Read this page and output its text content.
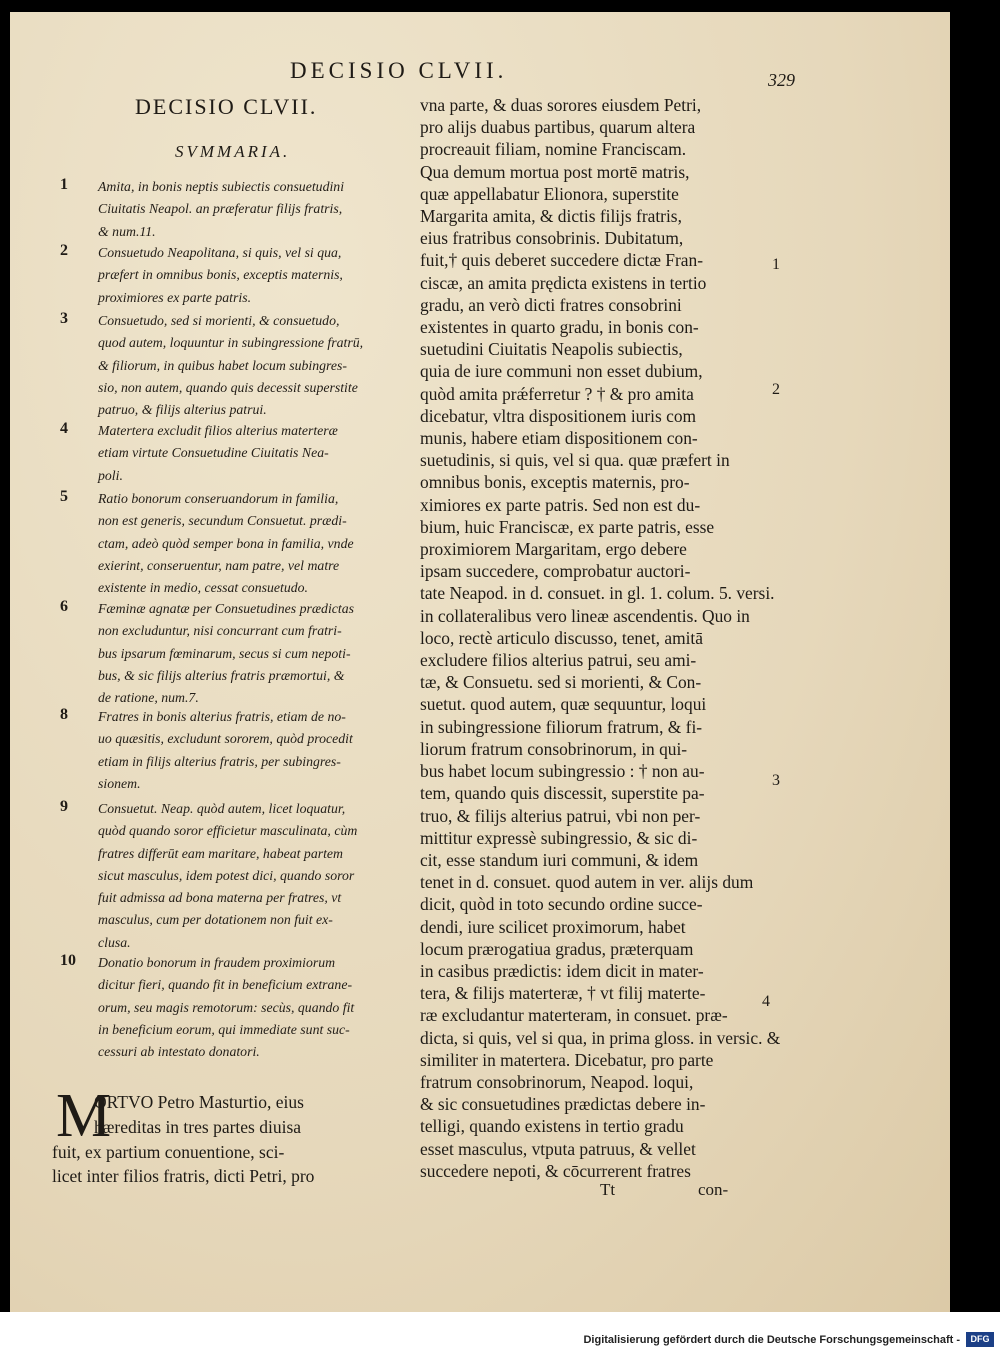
DECISIO CLVII.	329
DECISIO CLVII.
SVMMARIA.
1 Amita, in bonis neptis subiectis consuetudini
Ciuitatis Neapol. an præferatur filijs fratris,
& num.11.
2 Consuetudo Neapolitana, si quis, vel si qua,
præfert in omnibus bonis, exceptis maternis,
proximiores ex parte patris.
3 Consuetudo, sed si morienti, & consuetudo,
quod autem, loquuntur in subingressione fratrū,
& filiorum, in quibus habet locum subingres-
sio, non autem, quando quis decessit superstite
patruo, & filijs alterius patrui.
4 Matertera excludit filios alterius materteræ
etiam virtute Consuetudine Ciuitatis Nea-
poli.
5 Ratio bonorum conseruandorum in familia,
non est generis, secundum Consuetut. prædi-
ctam, adeò quòd semper bona in familia, vnde
exierint, conseruentur, nam patre, vel matre
existente in medio, cessat consuetudo.
6 Fæminæ agnatæ per Consuetudines prædictas
non excluduntur, nisi concurrant cum fratri-
bus ipsarum fœminarum, secus si cum nepoti-
bus, & sic filijs alterius fratris præmortui, &
de ratione, num.7.
8 Fratres in bonis alterius fratris, etiam de no-
uo quæsitis, excludunt sororem, quòd procedit
etiam in filijs alterius fratris, per subingres-
sionem.
9 Consuetut. Neap. quòd autem, licet loquatur,
quòd quando soror efficietur masculinata, cùm
fratres differūt eam maritare, habeat partem
sicut masculus, idem potest dici, quando soror
fuit admissa ad bona materna per fratres, vt
masculus, cum per dotationem non fuit ex-
clusa.
10 Donatio bonorum in fraudem proximiorum
dicitur fieri, quando fit in beneficium extrane-
orum, seu magis remotorum: secùs, quando fit
in beneficium eorum, qui immediate sunt suc-
cessuri ab intestato donatori.
M
ORTVO Petro Masturtio, eius
hæreditas in tres partes diuisa
fuit, ex partium conuentione, sci-
licet inter filios fratris, dicti Petri, pro
vna parte, & duas sorores eiusdem Petri,
pro alijs duabus partibus, quarum altera
procreauit filiam, nomine Franciscam.
Qua demum mortua post mortē matris,
quæ appellabatur Elionora, superstite
Margarita amita, & dictis filijs fratris,
eius fratribus consobrinis. Dubitatum,
fuit,† quis deberet succedere dictæ Fran-
ciscæ, an amita prędicta existens in tertio
gradu, an verò dicti fratres consobrini
existentes in quarto gradu, in bonis con-
suetudini Ciuitatis Neapolis subiectis,
quia de iure communi non esset dubium,
quòd amita prǽferretur ? † & pro amita
dicebatur, vltra dispositionem iuris com
munis, habere etiam dispositionem con-
suetudinis, si quis, vel si qua. quæ præfert in
omnibus bonis, exceptis maternis, pro-
ximiores ex parte patris. Sed non est du-
bium, huic Franciscæ, ex parte patris, esse
proximiorem Margaritam, ergo debere
ipsam succedere, comprobatur auctori-
tate Neapod. in d. consuet. in gl. 1. colum. 5. versi.
in collateralibus vero lineæ ascendentis. Quo in
loco, rectè articulo discusso, tenet, amitā
excludere filios alterius patrui, seu ami-
tæ, & Consuetu. sed si morienti, & Con-
suetut. quod autem, quæ sequuntur, loqui
in subingressione filiorum fratrum, & fi-
liorum fratrum consobrinorum, in qui-
bus habet locum subingressio : † non au-
tem, quando quis discessit, superstite pa-
truo, & filijs alterius patrui, vbi non per-
mittitur expressè subingressio, & sic di-
cit, esse standum iuri communi, & idem
tenet in d. consuet. quod autem in ver. alijs dum
dicit, quòd in toto secundo ordine succe-
dendi, iure scilicet proximorum, habet
locum prærogatiua gradus, præterquam
in casibus prædictis: idem dicit in mater-
tera, & filijs materteræ, † vt filij materte-
ræ excludantur materteram, in consuet. præ-
dicta, si quis, vel si qua, in prima gloss. in versic. &
similiter in matertera. Dicebatur, pro parte
fratrum consobrinorum, Neapod. loqui,
& sic consuetudines prædictas debere in-
telligi, quando existens in tertio gradu
esset masculus, vtputa patruus, & vellet
succedere nepoti, & cōcurrerent fratres
1
2
3
4
Tt	con-
Digitalisierung gefördert durch die Deutsche Forschungsgemeinschaft -	DFG
